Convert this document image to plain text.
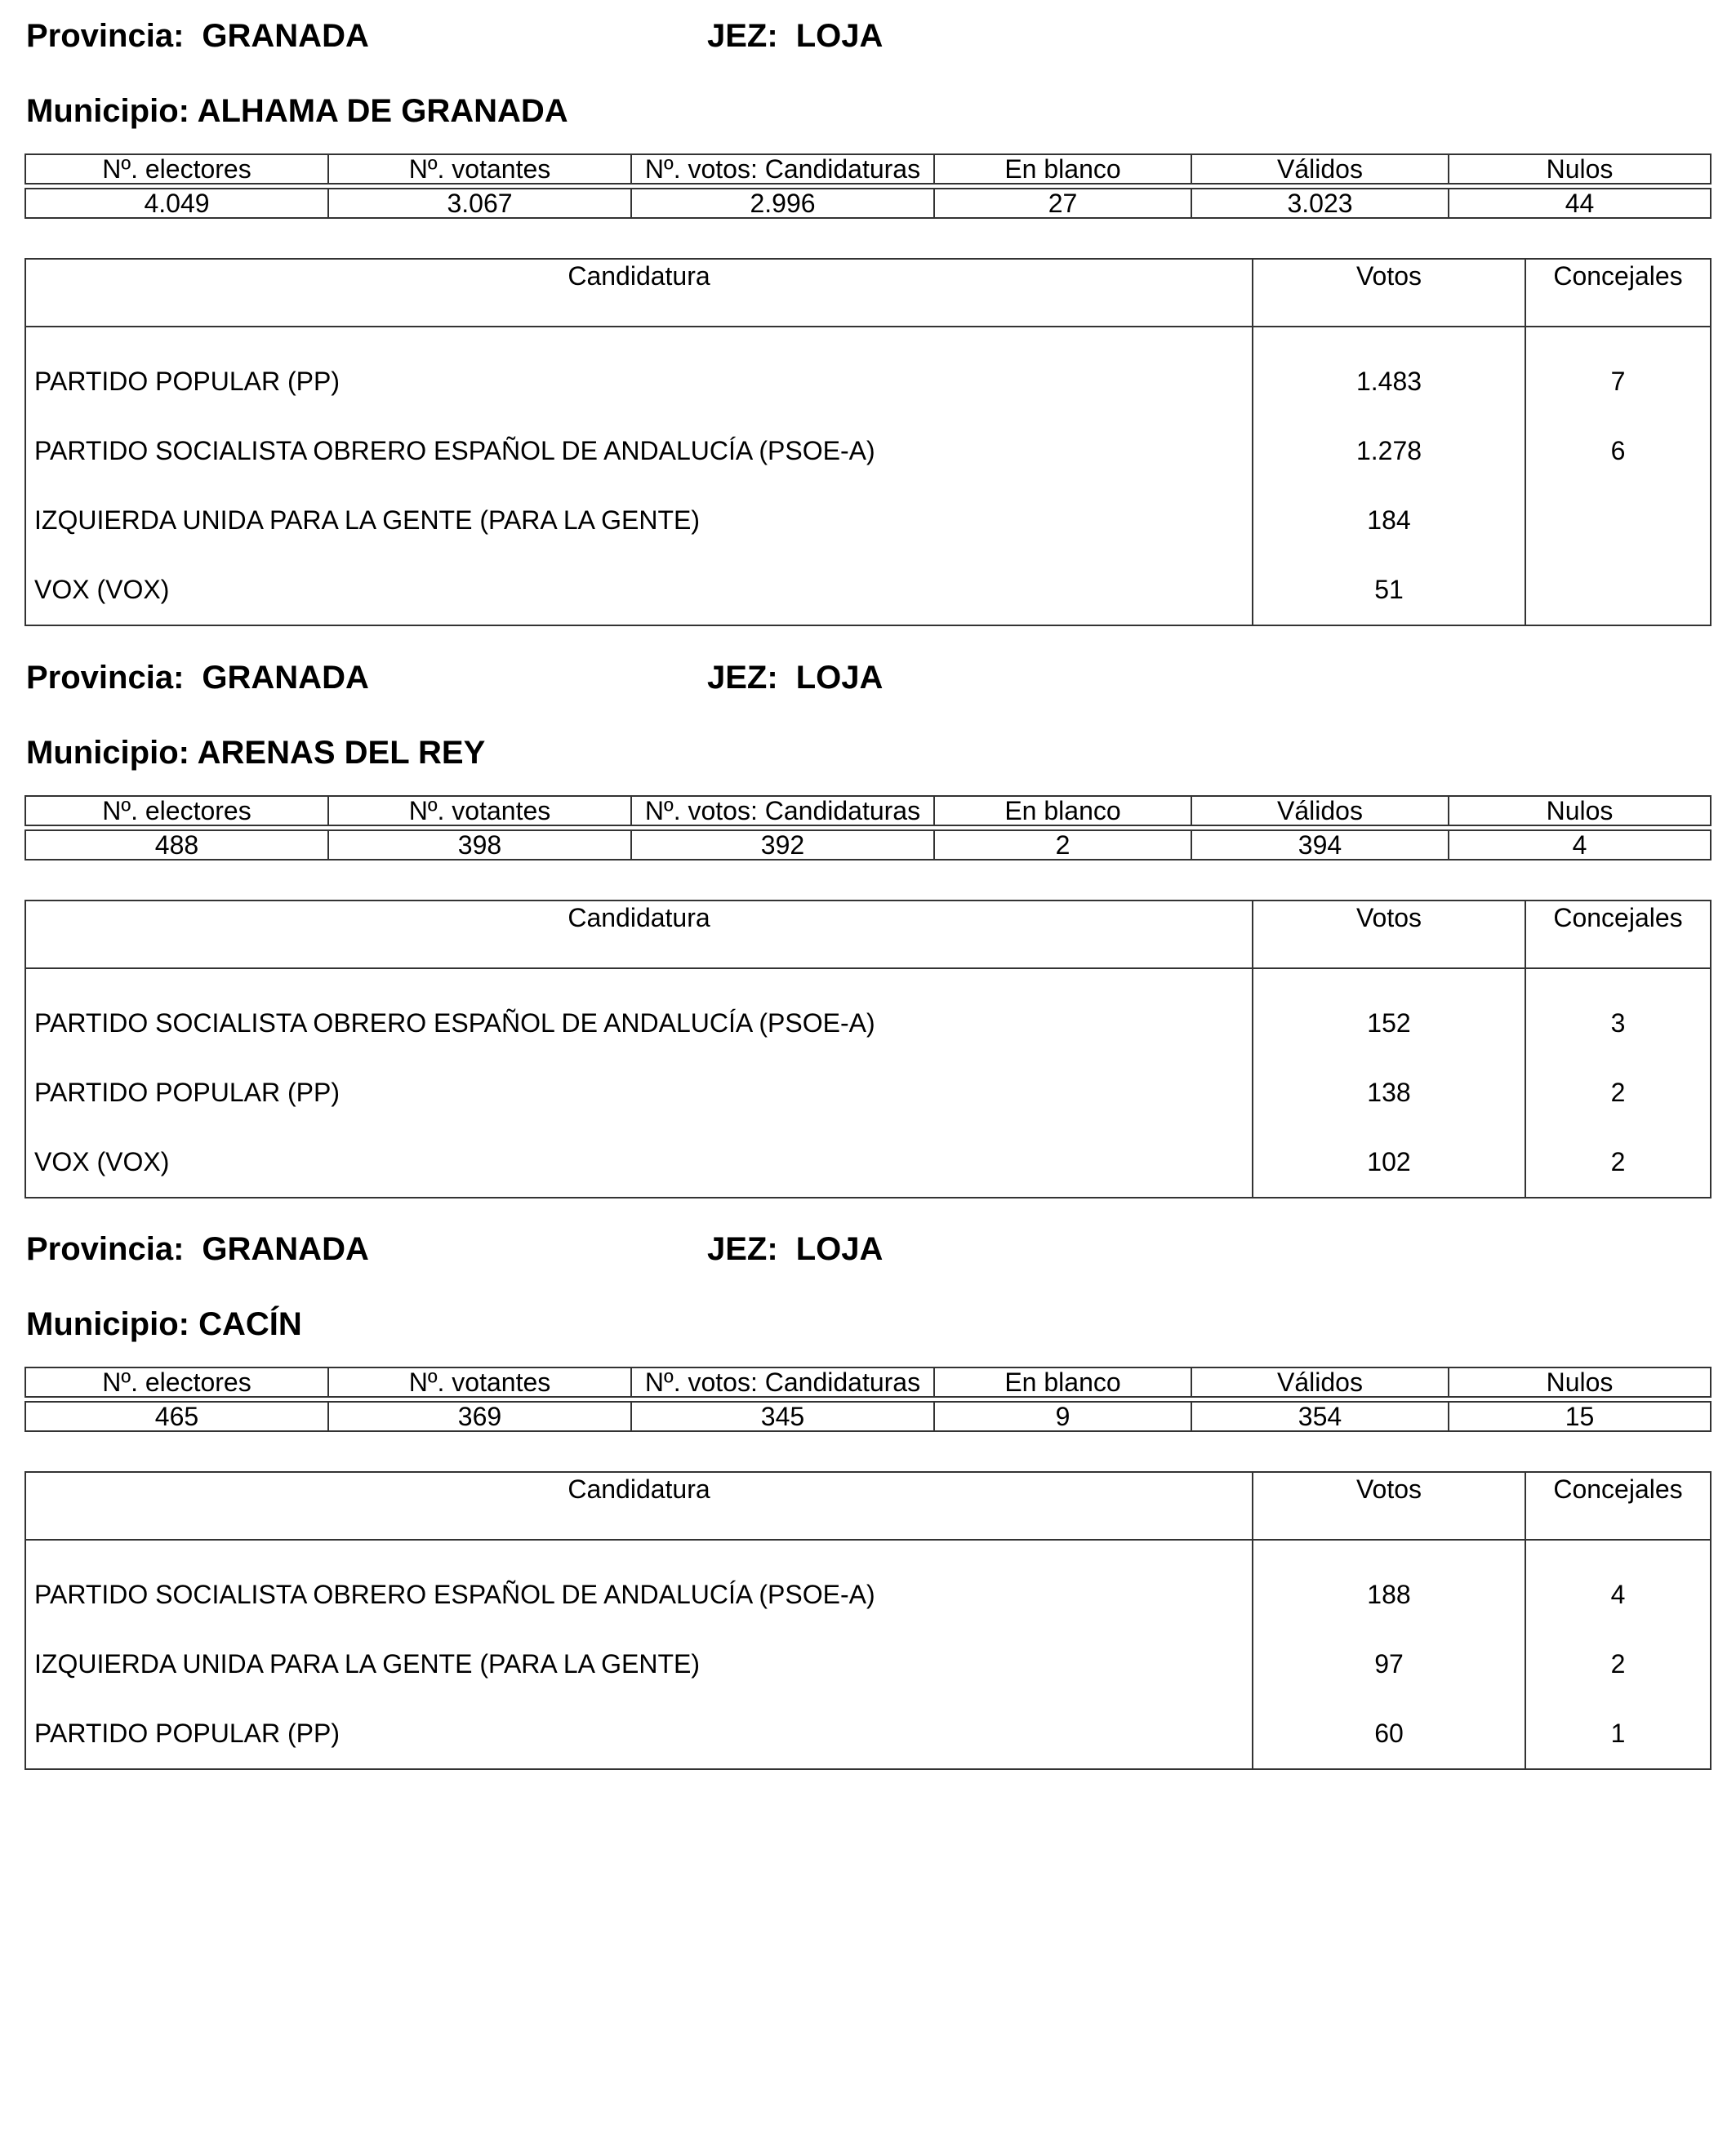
Provincia: GRANADA	JEZ: LOJA
Municipio: ALHAMA DE GRANADA
Nº. electores	Nº. votantes	Nº. votos: Candidaturas	En blanco	Válidos	Nulos

4.049	3.067	2.996	27	3.023	44
Candidatura	Votos	Concejales
PARTIDO POPULAR (PP)	1.483	7
PARTIDO SOCIALISTA OBRERO ESPAÑOL DE ANDALUCÍA (PSOE-A)	1.278	6
IZQUIERDA UNIDA PARA LA GENTE (PARA LA GENTE)	184	
VOX (VOX)	51	
Provincia: GRANADA	JEZ: LOJA
Municipio: ARENAS DEL REY
Nº. electores	Nº. votantes	Nº. votos: Candidaturas	En blanco	Válidos	Nulos

488	398	392	2	394	4
Candidatura	Votos	Concejales
PARTIDO SOCIALISTA OBRERO ESPAÑOL DE ANDALUCÍA (PSOE-A)	152	3
PARTIDO POPULAR (PP)	138	2
VOX (VOX)	102	2
Provincia: GRANADA	JEZ: LOJA
Municipio: CACÍN
Nº. electores	Nº. votantes	Nº. votos: Candidaturas	En blanco	Válidos	Nulos

465	369	345	9	354	15
Candidatura	Votos	Concejales
PARTIDO SOCIALISTA OBRERO ESPAÑOL DE ANDALUCÍA (PSOE-A)	188	4
IZQUIERDA UNIDA PARA LA GENTE (PARA LA GENTE)	97	2
PARTIDO POPULAR (PP)	60	1
